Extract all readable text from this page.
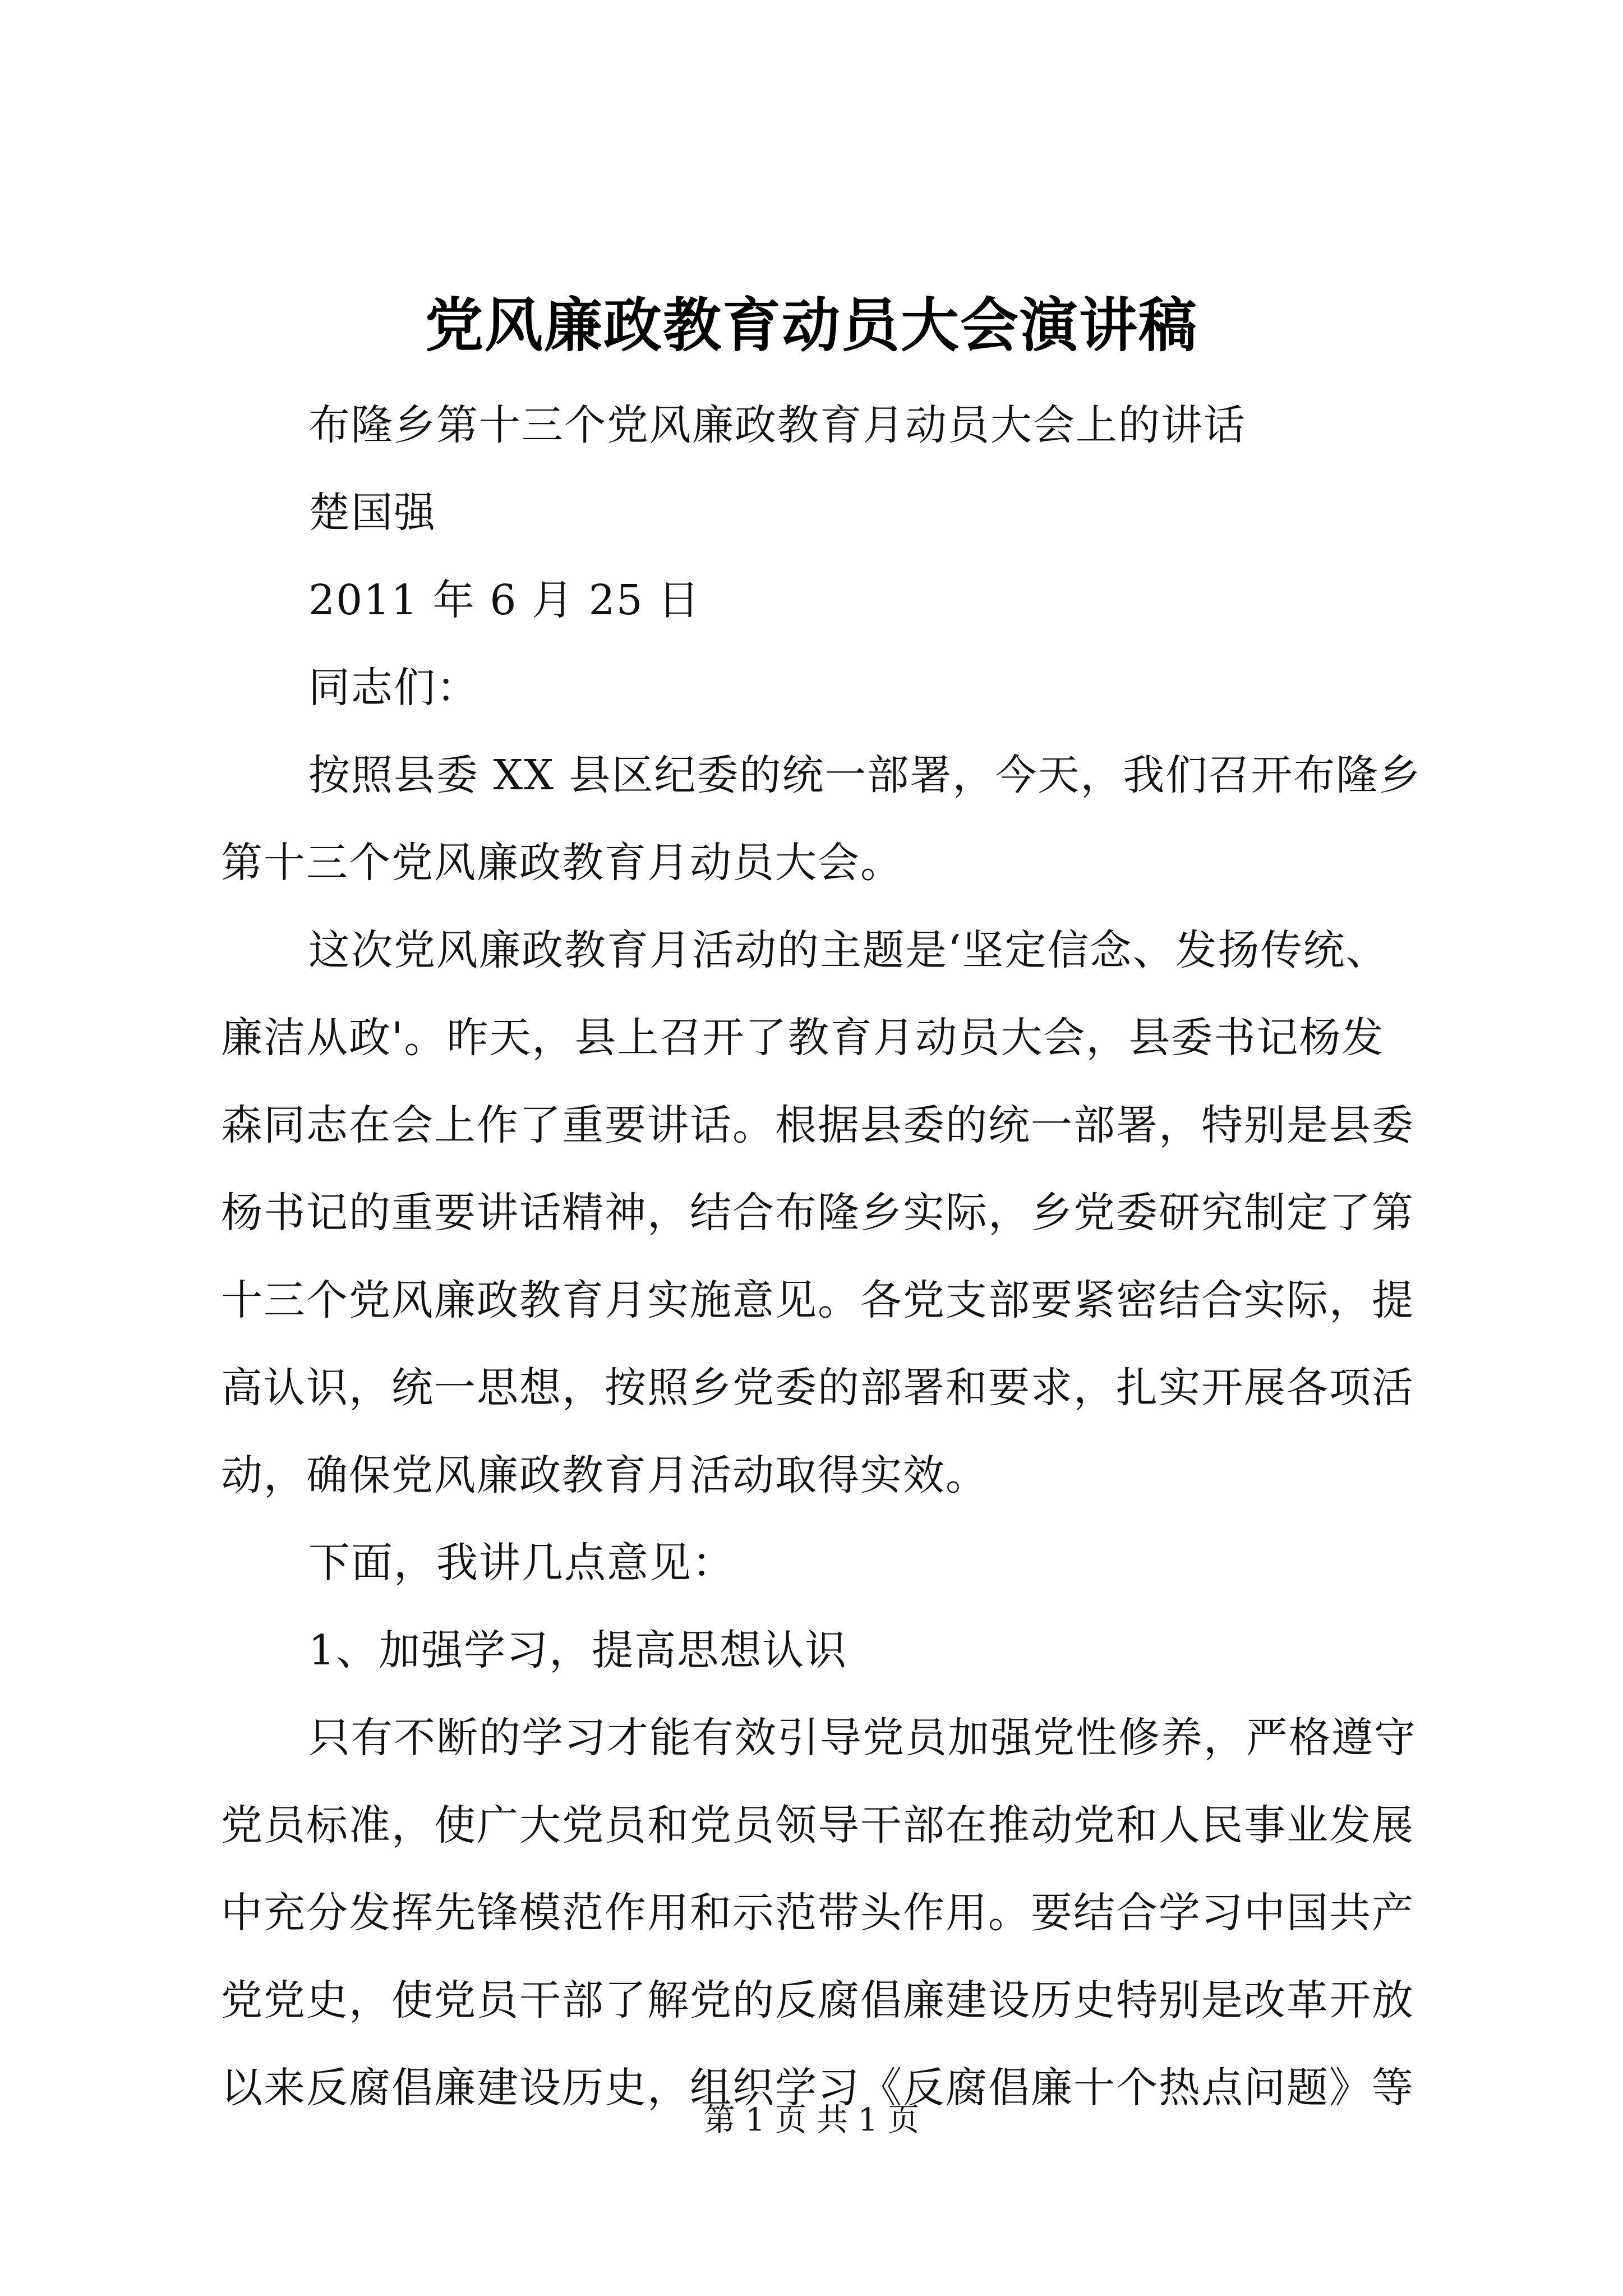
党风廉政教育动员大会演讲稿
布隆乡第十三个党风廉政教育月动员大会上的讲话
楚国强
2011 年 6 月 25 日
同志们：
按照县委 XX 县区纪委的统一部署，今天，我们召开布隆乡
第十三个党风廉政教育月动员大会。
这次党风廉政教育月活动的主题是‘坚定信念、发扬传统、
廉洁从政'。昨天，县上召开了教育月动员大会，县委书记杨发
森同志在会上作了重要讲话。根据县委的统一部署，特别是县委
杨书记的重要讲话精神，结合布隆乡实际，乡党委研究制定了第
十三个党风廉政教育月实施意见。各党支部要紧密结合实际，提
高认识，统一思想，按照乡党委的部署和要求，扎实开展各项活
动，确保党风廉政教育月活动取得实效。
下面，我讲几点意见：
1、加强学习，提高思想认识
只有不断的学习才能有效引导党员加强党性修养，严格遵守
党员标准，使广大党员和党员领导干部在推动党和人民事业发展
中充分发挥先锋模范作用和示范带头作用。要结合学习中国共产
党党史，使党员干部了解党的反腐倡廉建设历史特别是改革开放
以来反腐倡廉建设历史，组织学习《反腐倡廉十个热点问题》等
第 1 页 共 1 页
